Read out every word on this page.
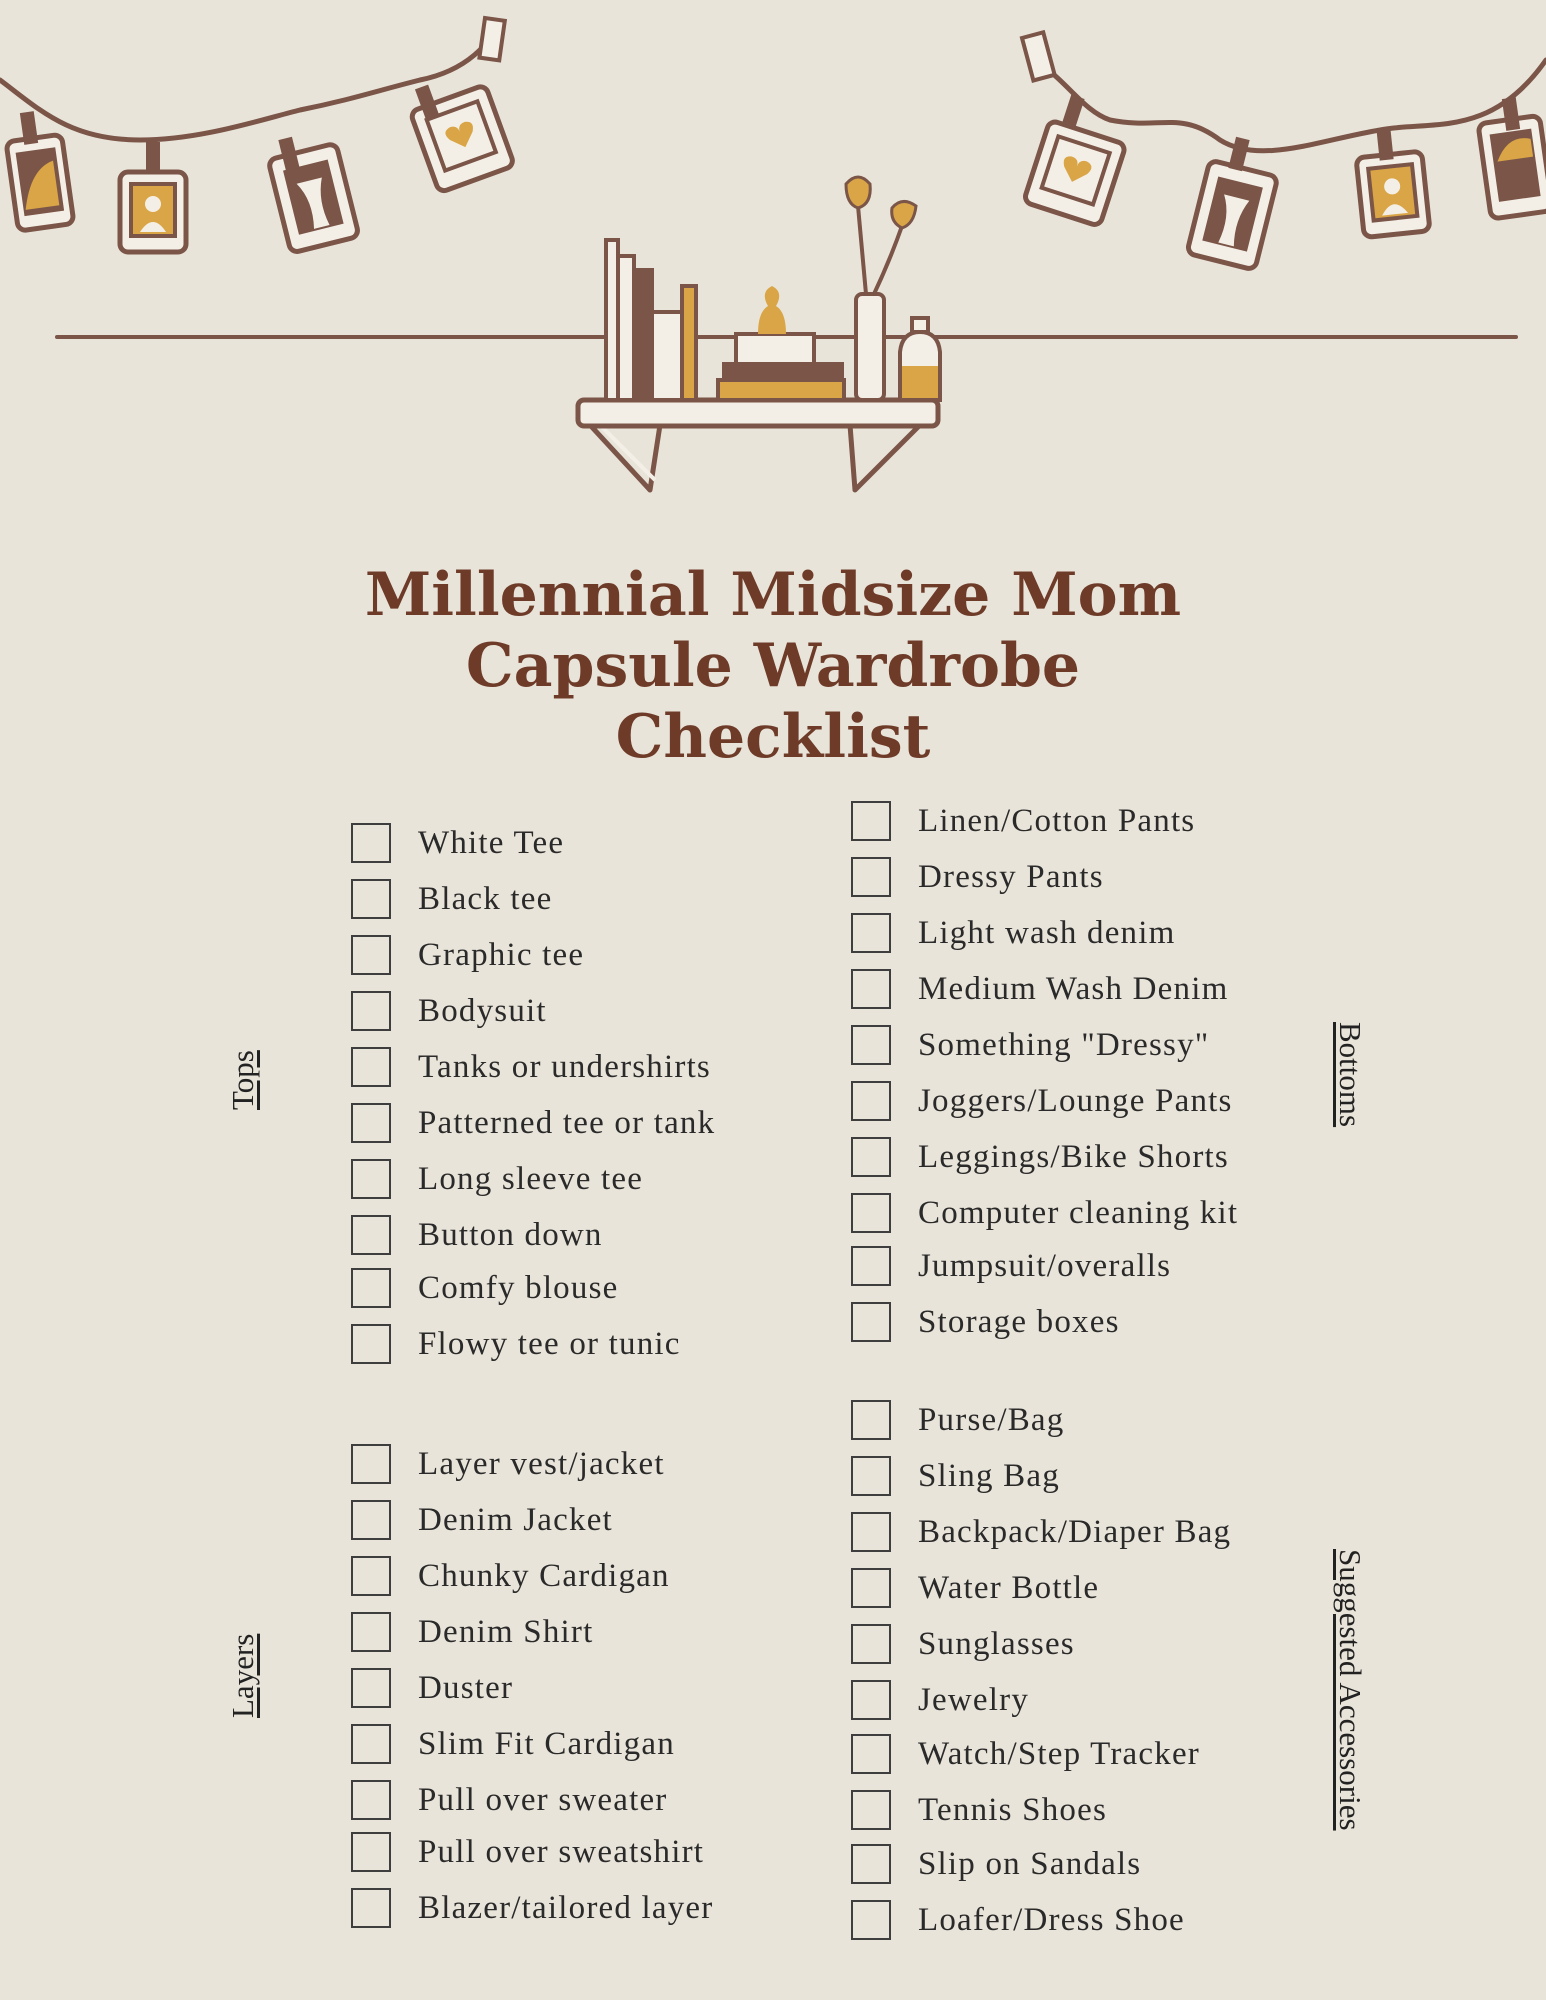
Millennial Midsize Mom
Capsule Wardrobe
Checklist
Tops
Layers
Bottoms
Suggested Accessories
White Tee
Black tee
Graphic tee
Bodysuit
Tanks or undershirts
Patterned tee or tank
Long sleeve tee
Button down
Comfy blouse
Flowy tee or tunic
Layer vest/jacket
Denim Jacket
Chunky Cardigan
Denim Shirt
Duster
Slim Fit Cardigan
Pull over sweater
Pull over sweatshirt
Blazer/tailored layer
Linen/Cotton Pants
Dressy Pants
Light wash denim
Medium Wash Denim
Something "Dressy"
Joggers/Lounge Pants
Leggings/Bike Shorts
Computer cleaning kit
Jumpsuit/overalls
Storage boxes
Purse/Bag
Sling Bag
Backpack/Diaper Bag
Water Bottle
Sunglasses
Jewelry
Watch/Step Tracker
Tennis Shoes
Slip on Sandals
Loafer/Dress Shoe
